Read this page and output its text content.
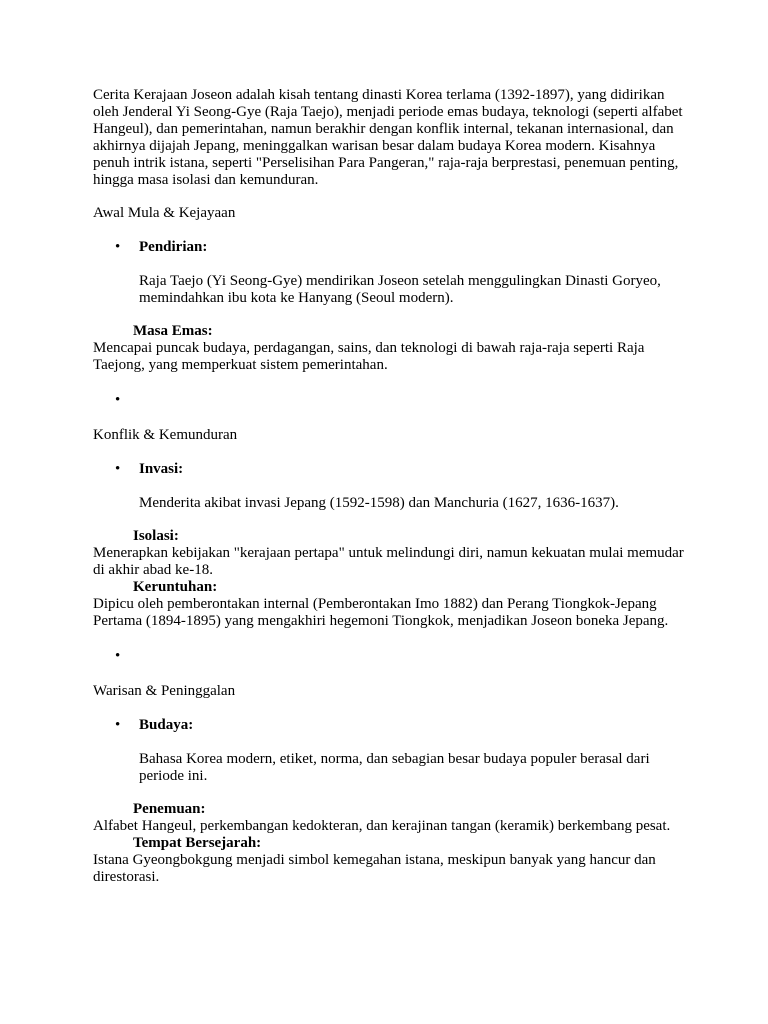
Cerita Kerajaan Joseon adalah kisah tentang dinasti Korea terlama (1392-1897), yang didirikan oleh Jenderal Yi Seong-Gye (Raja Taejo), menjadi periode emas budaya, teknologi (seperti alfabet Hangeul), dan pemerintahan, namun berakhir dengan konflik internal, tekanan internasional, dan akhirnya dijajah Jepang, meninggalkan warisan besar dalam budaya Korea modern. Kisahnya penuh intrik istana, seperti "Perselisihan Para Pangeran," raja-raja berprestasi, penemuan penting, hingga masa isolasi dan kemunduran.

Awal Mula & Kejayaan
• Pendirian:

Raja Taejo (Yi Seong-Gye) mendirikan Joseon setelah menggulingkan Dinasti Goryeo, memindahkan ibu kota ke Hanyang (Seoul modern).

Masa Emas:

Mencapai puncak budaya, perdagangan, sains, dan teknologi di bawah raja-raja seperti Raja Taejong, yang memperkuat sistem pemerintahan.

•
Konflik & Kemunduran
• Invasi:

Menderita akibat invasi Jepang (1592-1598) dan Manchuria (1627, 1636-1637).

Isolasi:

Menerapkan kebijakan "kerajaan pertapa" untuk melindungi diri, namun kekuatan mulai memudar di akhir abad ke-18.

Keruntuhan:

Dipicu oleh pemberontakan internal (Pemberontakan Imo 1882) dan Perang Tiongkok-Jepang Pertama (1894-1895) yang mengakhiri hegemoni Tiongkok, menjadikan Joseon boneka Jepang.

•
Warisan & Peninggalan
• Budaya:

Bahasa Korea modern, etiket, norma, dan sebagian besar budaya populer berasal dari periode ini.

Penemuan:

Alfabet Hangeul, perkembangan kedokteran, dan kerajinan tangan (keramik) berkembang pesat.

Tempat Bersejarah:

Istana Gyeongbokgung menjadi simbol kemegahan istana, meskipun banyak yang hancur dan direstorasi.
